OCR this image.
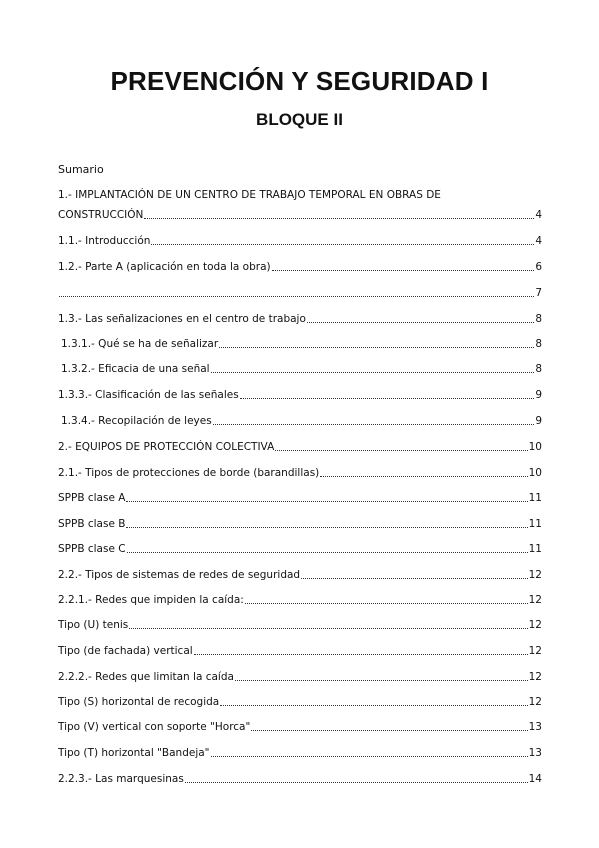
PREVENCIÓN Y SEGURIDAD I
BLOQUE II
Sumario
1.- IMPLANTACIÓN DE UN CENTRO DE TRABAJO TEMPORAL EN OBRAS DE
CONSTRUCCIÓN	4
1.1.- Introducción	4
1.2.- Parte A (aplicación en toda la obra)	6
7
1.3.- Las señalizaciones en el centro de trabajo	8
1.3.1.- Qué se ha de señalizar	8
1.3.2.- Eficacia de una señal	8
1.3.3.- Clasificación de las señales	9
1.3.4.- Recopilación de leyes	9
2.- EQUIPOS DE PROTECCIÓN COLECTIVA	10
2.1.- Tipos de protecciones de borde (barandillas)	10
SPPB clase A	11
SPPB clase B	11
SPPB clase C	11
2.2.- Tipos de sistemas de redes de seguridad	12
2.2.1.- Redes que impiden la caída:	12
Tipo (U) tenis	12
Tipo (de fachada) vertical	12
2.2.2.- Redes que limitan la caída	12
Tipo (S) horizontal de recogida	12
Tipo (V) vertical con soporte "Horca"	13
Tipo (T) horizontal "Bandeja"	13
2.2.3.- Las marquesinas	14
